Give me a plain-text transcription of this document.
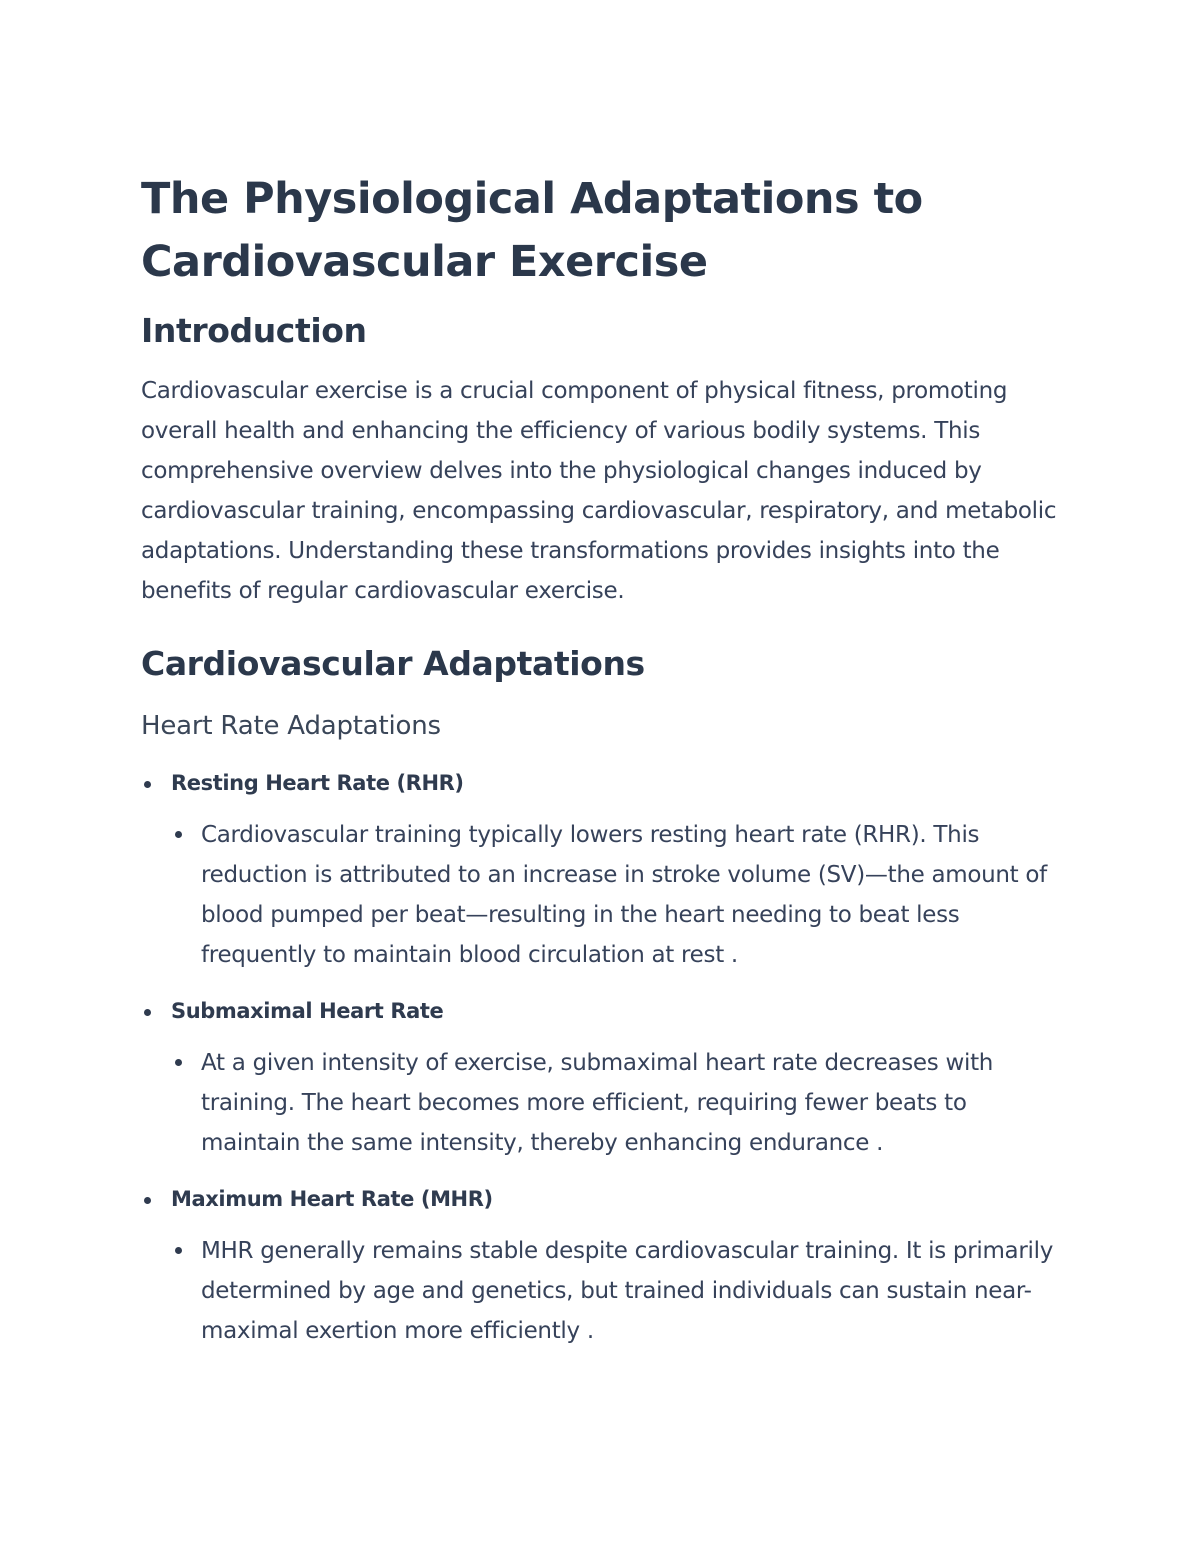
The Physiological Adaptations to Cardiovascular Exercise
Introduction

Cardiovascular exercise is a crucial component of physical fitness, promoting overall health and enhancing the efficiency of various bodily systems. This comprehensive overview delves into the physiological changes induced by cardiovascular training, encompassing cardiovascular, respiratory, and metabolic adaptations. Understanding these transformations provides insights into the benefits of regular cardiovascular exercise.

Cardiovascular Adaptations
Heart Rate Adaptations
Resting Heart Rate (RHR)
Cardiovascular training typically lowers resting heart rate (RHR). This reduction is attributed to an increase in stroke volume (SV)—the amount of blood pumped per beat—resulting in the heart needing to beat less frequently to maintain blood circulation at rest .
Submaximal Heart Rate
At a given intensity of exercise, submaximal heart rate decreases with training. The heart becomes more efficient, requiring fewer beats to maintain the same intensity, thereby enhancing endurance .
Maximum Heart Rate (MHR)
MHR generally remains stable despite cardiovascular training. It is primarily determined by age and genetics, but trained individuals can sustain near-maximal exertion more efficiently .
